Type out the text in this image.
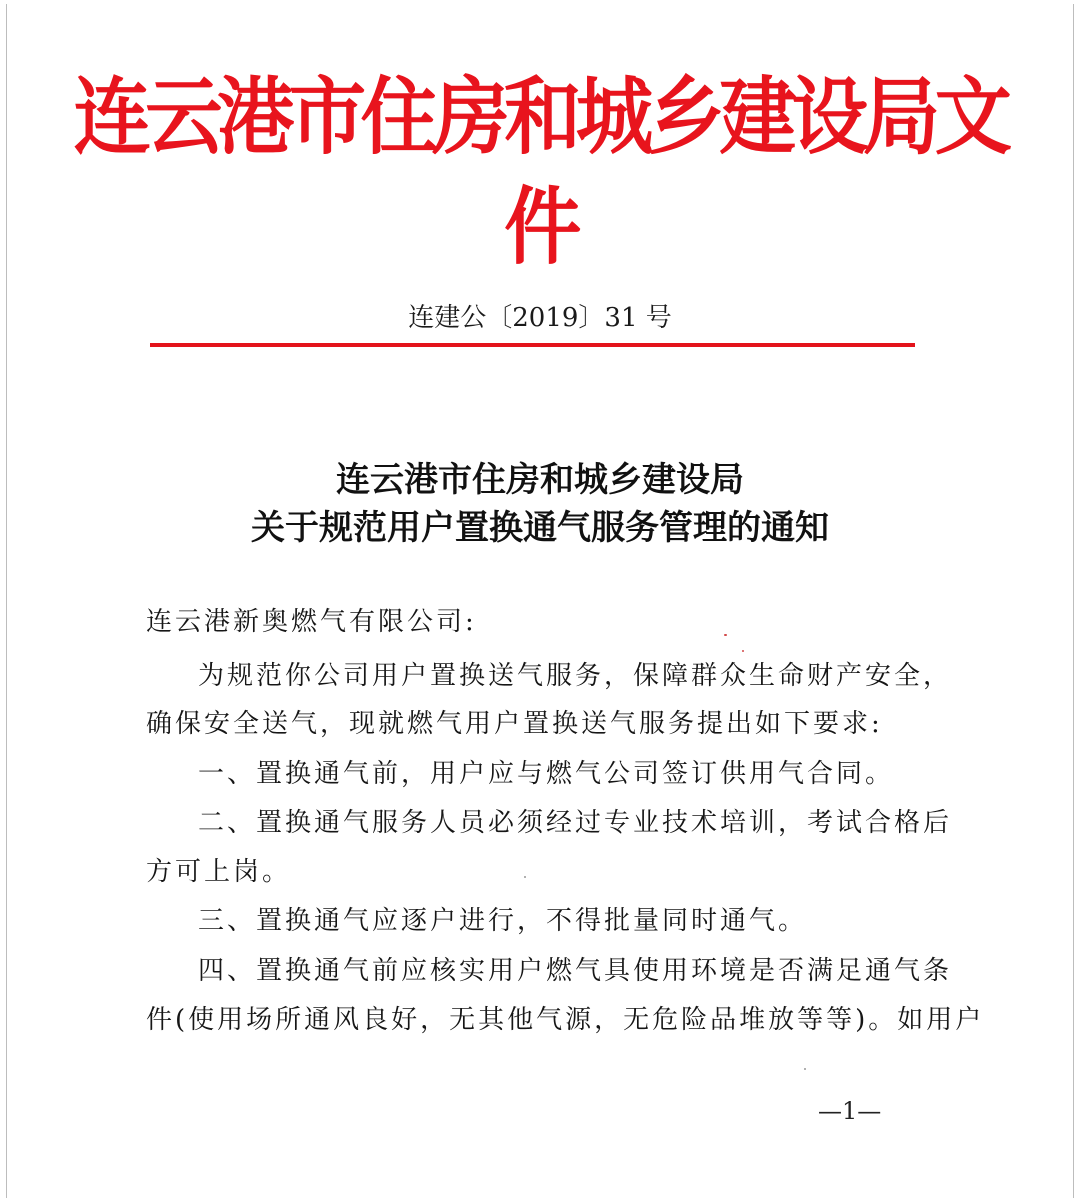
连云港市住房和城乡建设局文件
连建公〔2019〕31 号
连云港市住房和城乡建设局
关于规范用户置换通气服务管理的通知
连云港新奥燃气有限公司:
为规范你公司用户置换送气服务，保障群众生命财产安全，
确保安全送气，现就燃气用户置换送气服务提出如下要求:
一、置换通气前，用户应与燃气公司签订供用气合同。
二、置换通气服务人员必须经过专业技术培训，考试合格后
方可上岗。
三、置换通气应逐户进行，不得批量同时通气。
四、置换通气前应核实用户燃气具使用环境是否满足通气条
件(使用场所通风良好，无其他气源，无危险品堆放等等)。如用户
—1—
